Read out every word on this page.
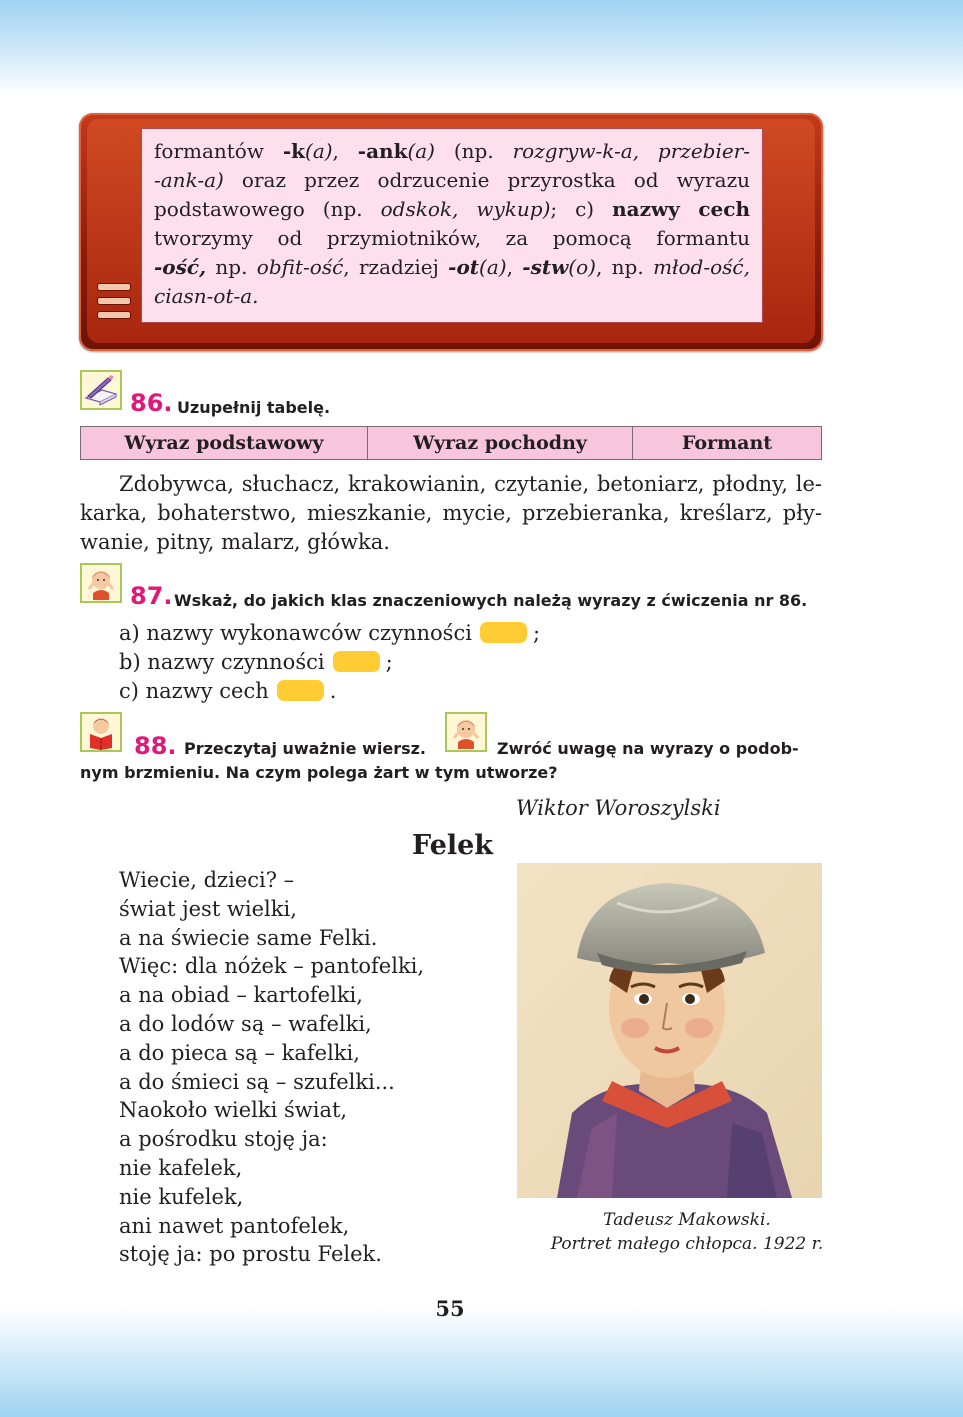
formantów -k(a), -ank(a) (np. rozgryw-k-a, przebier-
-ank-a) oraz przez odrzucenie przyrostka od wyrazu
podstawowego (np. odskok, wykup); c) nazwy cech
tworzymy od przymiotników, za pomocą formantu
-ość, np. obfit-ość, rzadziej -ot(a), -stw(o), np. młod-ość,
ciasn-ot-a.
86. Uzupełnij tabelę.
Wyraz podstawowy	Wyraz pochodny	Formant
Zdobywca, słuchacz, krakowianin, czytanie, betoniarz, płodny, le-
karka, bohaterstwo, mieszkanie, mycie, przebieranka, kreślarz, pły-
wanie, pitny, malarz, główka.
87. Wskaż, do jakich klas znaczeniowych należą wyrazy z ćwiczenia nr 86.
a) nazwy wykonawców czynności	;
b) nazwy czynności	;
c) nazwy cech	.
88. Przeczytaj uważnie wiersz.	Zwróć uwagę na wyrazy o podob-
nym brzmieniu. Na czym polega żart w tym utworze?
Wiktor Woroszylski
Felek
Wiecie, dzieci? –
świat jest wielki,
a na świecie same Felki.
Więc: dla nóżek – pantofelki,
a na obiad – kartofelki,
a do lodów są – wafelki,
a do pieca są – kafelki,
a do śmieci są – szufelki...
Naokoło wielki świat,
a pośrodku stoję ja:
nie kafelek,
nie kufelek,
ani nawet pantofelek,
stoję ja: po prostu Felek.
Tadeusz Makowski.
Portret małego chłopca. 1922 r.
55
